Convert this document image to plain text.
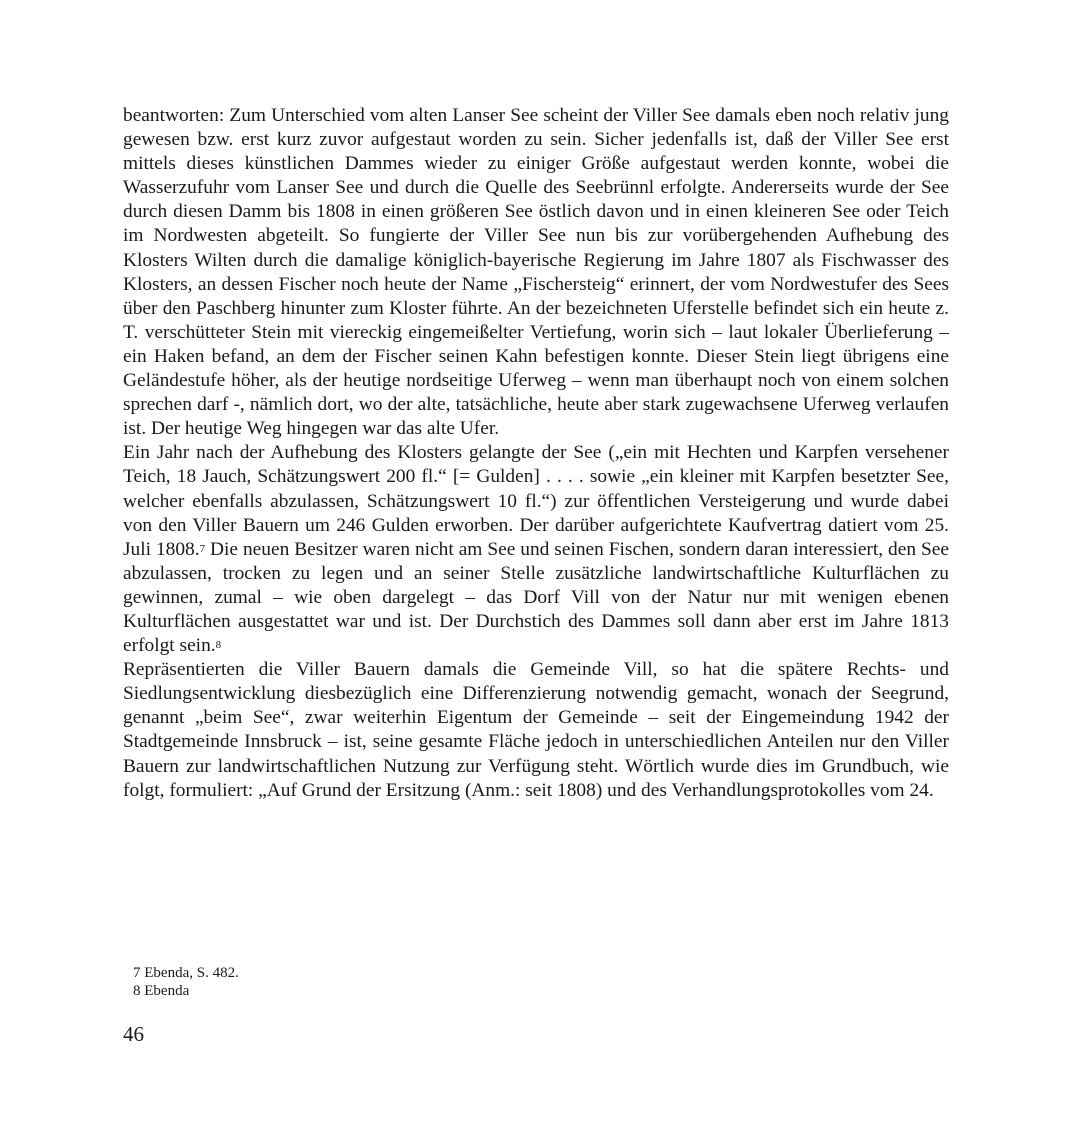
beantworten: Zum Unterschied vom alten Lanser See scheint der Viller See damals eben noch relativ jung gewesen bzw. erst kurz zuvor aufgestaut worden zu sein. Sicher jedenfalls ist, daß der Viller See erst mittels dieses künstlichen Dammes wieder zu einiger Größe aufgestaut werden konnte, wobei die Wasserzufuhr vom Lanser See und durch die Quelle des Seebrünnl erfolgte. Andererseits wurde der See durch diesen Damm bis 1808 in einen größeren See östlich davon und in einen kleineren See oder Teich im Nordwesten abgeteilt. So fungierte der Viller See nun bis zur vorübergehenden Aufhebung des Klosters Wilten durch die damalige königlich-bayerische Regierung im Jahre 1807 als Fischwasser des Klosters, an dessen Fischer noch heute der Name „Fischersteig“ erinnert, der vom Nordwestufer des Sees über den Paschberg hinunter zum Kloster führte. An der bezeichneten Uferstelle befindet sich ein heute z. T. verschütteter Stein mit viereckig eingemeißelter Vertiefung, worin sich – laut lokaler Überlieferung – ein Haken befand, an dem der Fischer seinen Kahn befestigen konnte. Dieser Stein liegt übrigens eine Geländestufe höher, als der heutige nordseitige Uferweg – wenn man überhaupt noch von einem solchen sprechen darf -, nämlich dort, wo der alte, tatsächliche, heute aber stark zugewachsene Uferweg verlaufen ist. Der heutige Weg hingegen war das alte Ufer.

Ein Jahr nach der Aufhebung des Klosters gelangte der See („ein mit Hechten und Karpfen versehener Teich, 18 Jauch, Schätzungswert 200 fl.“ [= Gulden] . . . . sowie „ein kleiner mit Karpfen besetzter See, welcher ebenfalls abzulassen, Schätzungswert 10 fl.“) zur öffentlichen Versteigerung und wurde dabei von den Viller Bauern um 246 Gulden erworben. Der darüber aufgerichtete Kaufvertrag datiert vom 25. Juli 1808.$^7$ Die neuen Besitzer waren nicht am See und seinen Fischen, sondern daran interessiert, den See abzulassen, trocken zu legen und an seiner Stelle zusätzliche landwirtschaftliche Kulturflächen zu gewinnen, zumal – wie oben dargelegt – das Dorf Vill von der Natur nur mit wenigen ebenen Kulturflächen ausgestattet war und ist. Der Durchstich des Dammes soll dann aber erst im Jahre 1813 erfolgt sein.$^8$

Repräsentierten die Viller Bauern damals die Gemeinde Vill, so hat die spätere Rechts- und Siedlungsentwicklung diesbezüglich eine Differenzierung notwendig gemacht, wonach der Seegrund, genannt „beim See“, zwar weiterhin Eigentum der Gemeinde – seit der Eingemeindung 1942 der Stadtgemeinde Innsbruck – ist, seine gesamte Fläche jedoch in unterschiedlichen Anteilen nur den Viller Bauern zur landwirtschaftlichen Nutzung zur Verfügung steht. Wörtlich wurde dies im Grundbuch, wie folgt, formuliert: „Auf Grund der Ersitzung (Anm.: seit 1808) und des Verhandlungsprotokolles vom 24.

7 Ebenda, S. 482.

8 Ebenda

46
